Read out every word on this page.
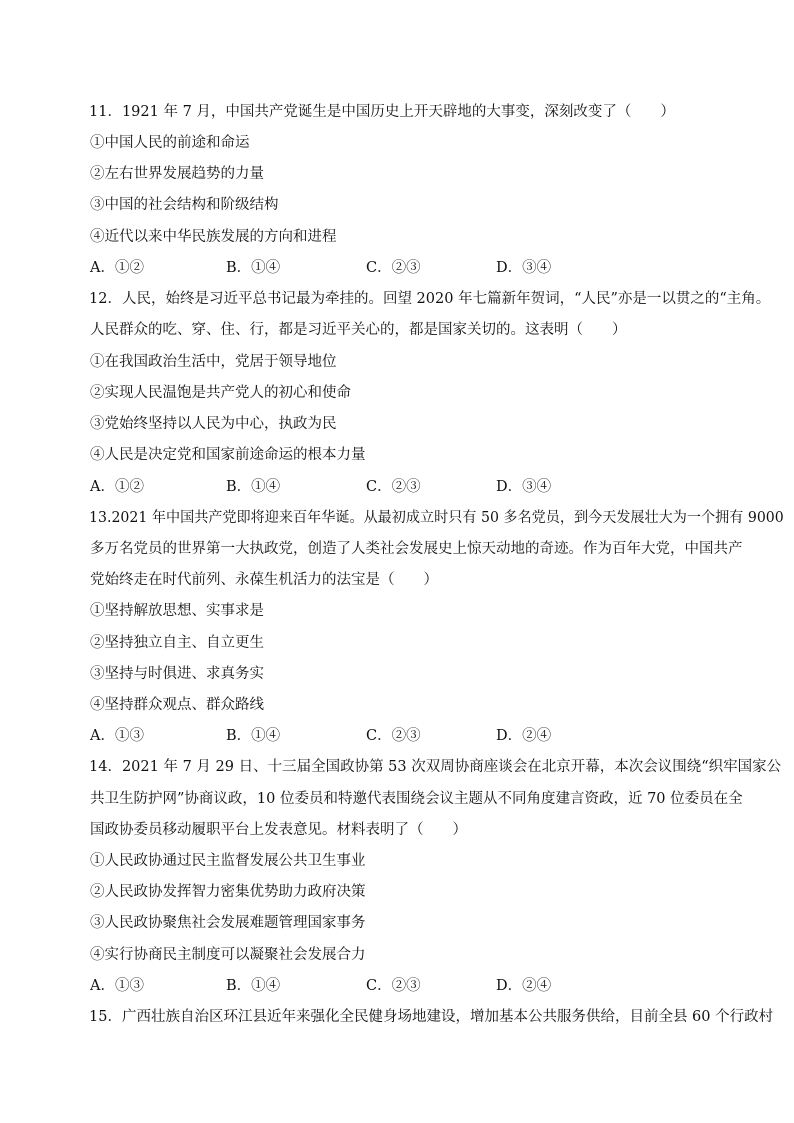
11．1921 年 7 月，中国共产党诞生是中国历史上开天辟地的大事变，深刻改变了（　　）
①中国人民的前途和命运
②左右世界发展趋势的力量
③中国的社会结构和阶级结构
④近代以来中华民族发展的方向和进程
A．①②	B．①④	C．②③	D．③④
12．人民，始终是习近平总书记最为牵挂的。回望 2020 年七篇新年贺词，“人民”亦是一以贯之的“主角。
人民群众的吃、穿、住、行，都是习近平关心的，都是国家关切的。这表明（　　）
①在我国政治生活中，党居于领导地位
②实现人民温饱是共产党人的初心和使命
③党始终坚持以人民为中心，执政为民
④人民是决定党和国家前途命运的根本力量
A．①②	B．①④	C．②③	D．③④
13.2021 年中国共产党即将迎来百年华诞。从最初成立时只有 50 多名党员，到今天发展壮大为一个拥有 9000
多万名党员的世界第一大执政党，创造了人类社会发展史上惊天动地的奇迹。作为百年大党，中国共产
党始终走在时代前列、永葆生机活力的法宝是（　　）
①坚持解放思想、实事求是
②坚持独立自主、自立更生
③坚持与时俱进、求真务实
④坚持群众观点、群众路线
A．①③	B．①④	C．②③	D．②④
14．2021 年 7 月 29 日、十三届全国政协第 53 次双周协商座谈会在北京开幕，本次会议围绕“织牢国家公
共卫生防护网”协商议政，10 位委员和特邀代表围绕会议主题从不同角度建言资政，近 70 位委员在全
国政协委员移动履职平台上发表意见。材料表明了（　　）
①人民政协通过民主监督发展公共卫生事业
②人民政协发挥智力密集优势助力政府决策
③人民政协聚焦社会发展难题管理国家事务
④实行协商民主制度可以凝聚社会发展合力
A．①③	B．①④	C．②③	D．②④
15．广西壮族自治区环江县近年来强化全民健身场地建设，增加基本公共服务供给，目前全县 60 个行政村
